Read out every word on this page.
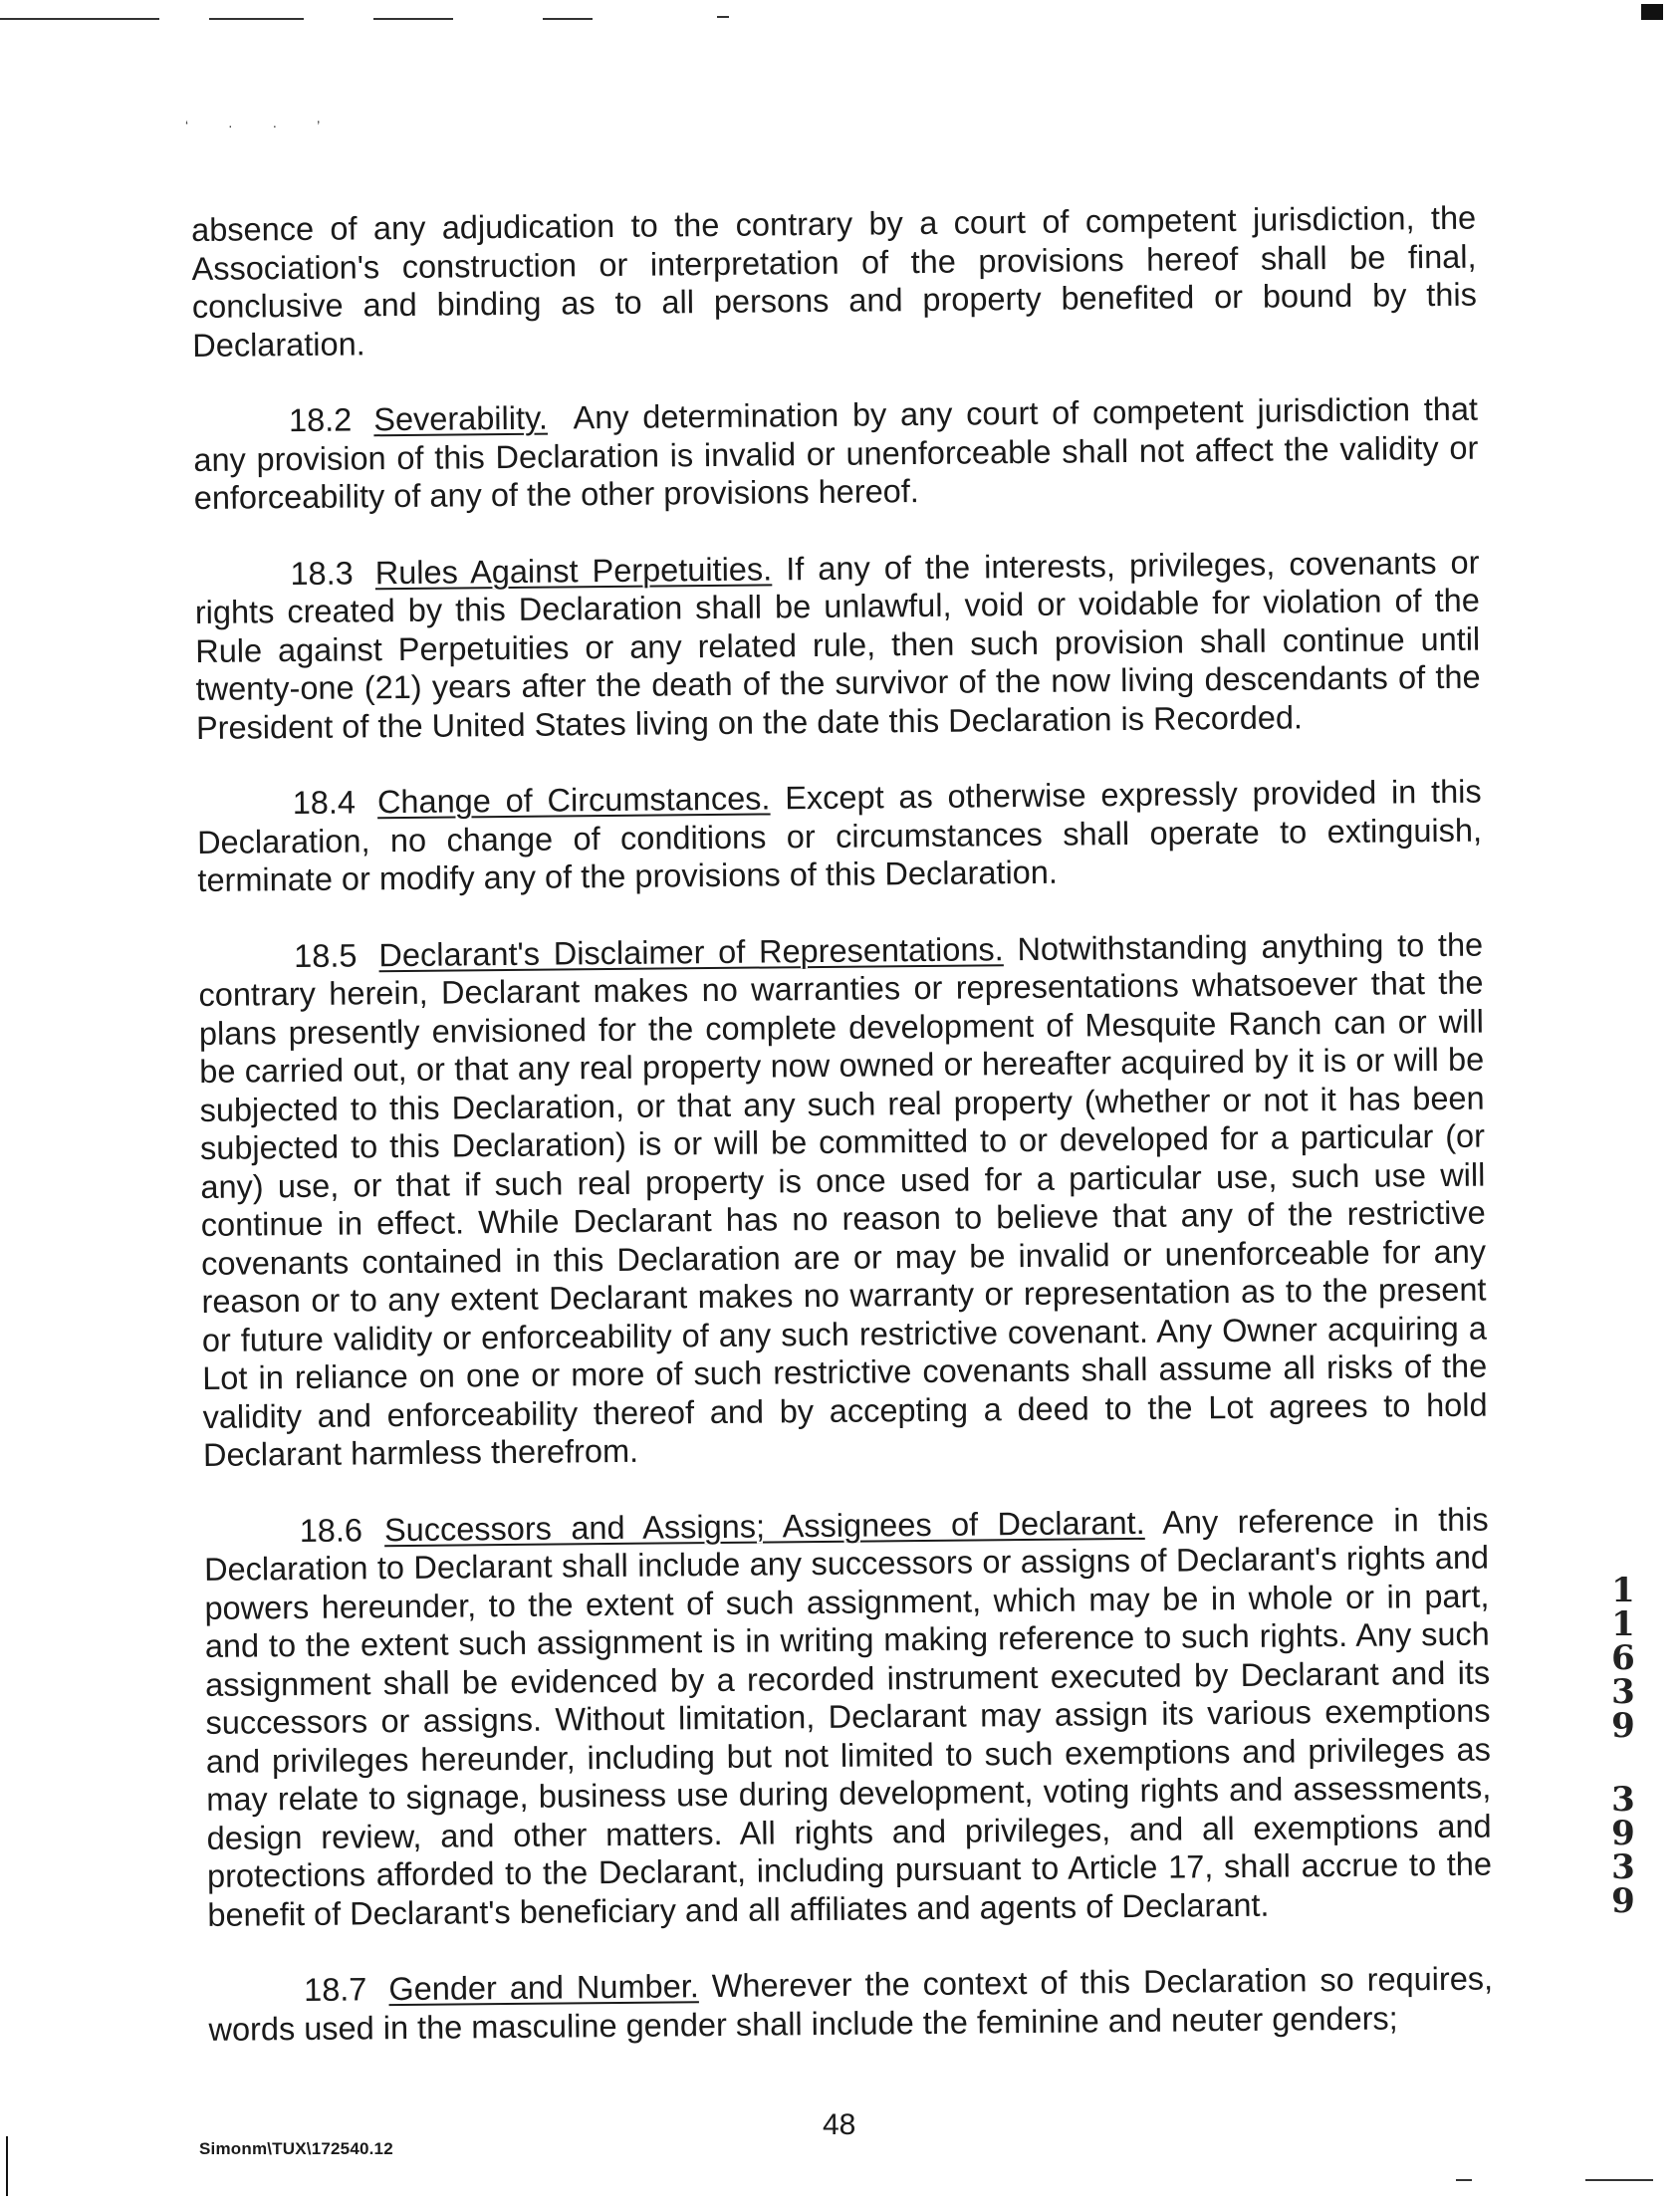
‘ · · ’

absence of any adjudication to the contrary by a court of competent jurisdiction, the Association's construction or interpretation of the provisions hereof shall be final, conclusive and binding as to all persons and property benefited or bound by this Declaration.

18.2 Severability. Any determination by any court of competent jurisdiction that any provision of this Declaration is invalid or unenforceable shall not affect the validity or enforceability of any of the other provisions hereof.

18.3 Rules Against Perpetuities. If any of the interests, privileges, covenants or rights created by this Declaration shall be unlawful, void or voidable for violation of the Rule against Perpetuities or any related rule, then such provision shall continue until twenty-one (21) years after the death of the survivor of the now living descendants of the President of the United States living on the date this Declaration is Recorded.

18.4 Change of Circumstances. Except as otherwise expressly provided in this Declaration, no change of conditions or circumstances shall operate to extinguish, terminate or modify any of the provisions of this Declaration.

18.5 Declarant's Disclaimer of Representations. Notwithstanding anything to the contrary herein, Declarant makes no warranties or representations whatsoever that the plans presently envisioned for the complete development of Mesquite Ranch can or will be carried out, or that any real property now owned or hereafter acquired by it is or will be subjected to this Declaration, or that any such real property (whether or not it has been subjected to this Declaration) is or will be committed to or developed for a particular (or any) use, or that if such real property is once used for a particular use, such use will continue in effect. While Declarant has no reason to believe that any of the restrictive covenants contained in this Declaration are or may be invalid or unenforceable for any reason or to any extent Declarant makes no warranty or representation as to the present or future validity or enforceability of any such restrictive covenant. Any Owner acquiring a Lot in reliance on one or more of such restrictive covenants shall assume all risks of the validity and enforceability thereof and by accepting a deed to the Lot agrees to hold Declarant harmless therefrom.

18.6 Successors and Assigns; Assignees of Declarant. Any reference in this Declaration to Declarant shall include any successors or assigns of Declarant's rights and powers hereunder, to the extent of such assignment, which may be in whole or in part, and to the extent such assignment is in writing making reference to such rights. Any such assignment shall be evidenced by a recorded instrument executed by Declarant and its successors or assigns. Without limitation, Declarant may assign its various exemptions and privileges hereunder, including but not limited to such exemptions and privileges as may relate to signage, business use during development, voting rights and assessments, design review, and other matters. All rights and privileges, and all exemptions and protections afforded to the Declarant, including pursuant to Article 17, shall accrue to the benefit of Declarant's beneficiary and all affiliates and agents of Declarant.

18.7 Gender and Number. Wherever the context of this Declaration so requires, words used in the masculine gender shall include the feminine and neuter genders;

1
1
6
3
9
3
9
3
9
48
Simonm\TUX\172540.12
